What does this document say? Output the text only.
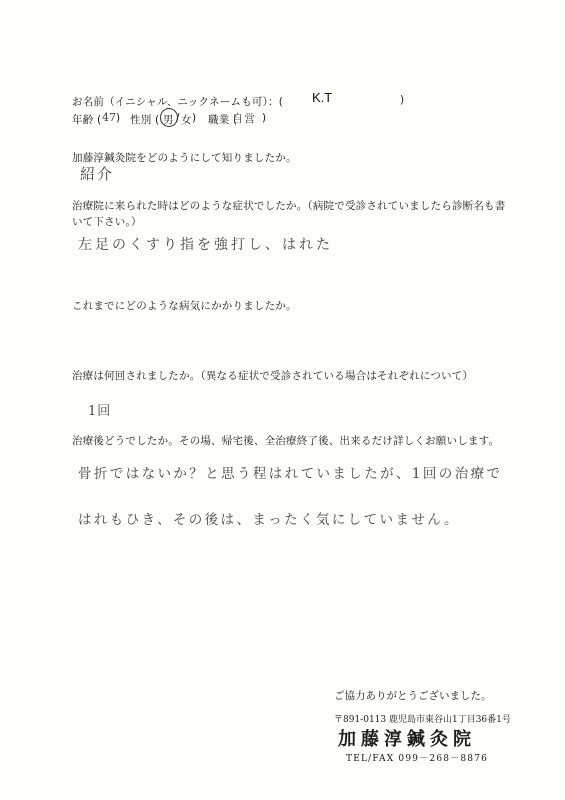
お名前（イニシャル、ニックネームも可）：( K.T	)
年齢 ( 47 ) 性別 ( 男 / 女 ) 職業 (
自営 )
加藤淳鍼灸院をどのようにして知りましたか。
紹介
治療院に来られた時はどのような症状でしたか。（病院で受診されていましたら診断名も書
いて下さい。）
左足のくすり指を強打し、はれた
これまでにどのような病気にかかりましたか。
治療は何回されましたか。（異なる症状で受診されている場合はそれぞれについて）
1回
治療後どうでしたか。その場、帰宅後、全治療終了後、出来るだけ詳しくお願いします。
骨折ではないか？と思う程はれていましたが、1回の治療で
はれもひき、その後は、まったく気にしていません。
ご協力ありがとうございました。
〒891-0113 鹿児島市東谷山1丁目36番1号
加藤淳鍼灸院
TEL/FAX 099－268－8876
